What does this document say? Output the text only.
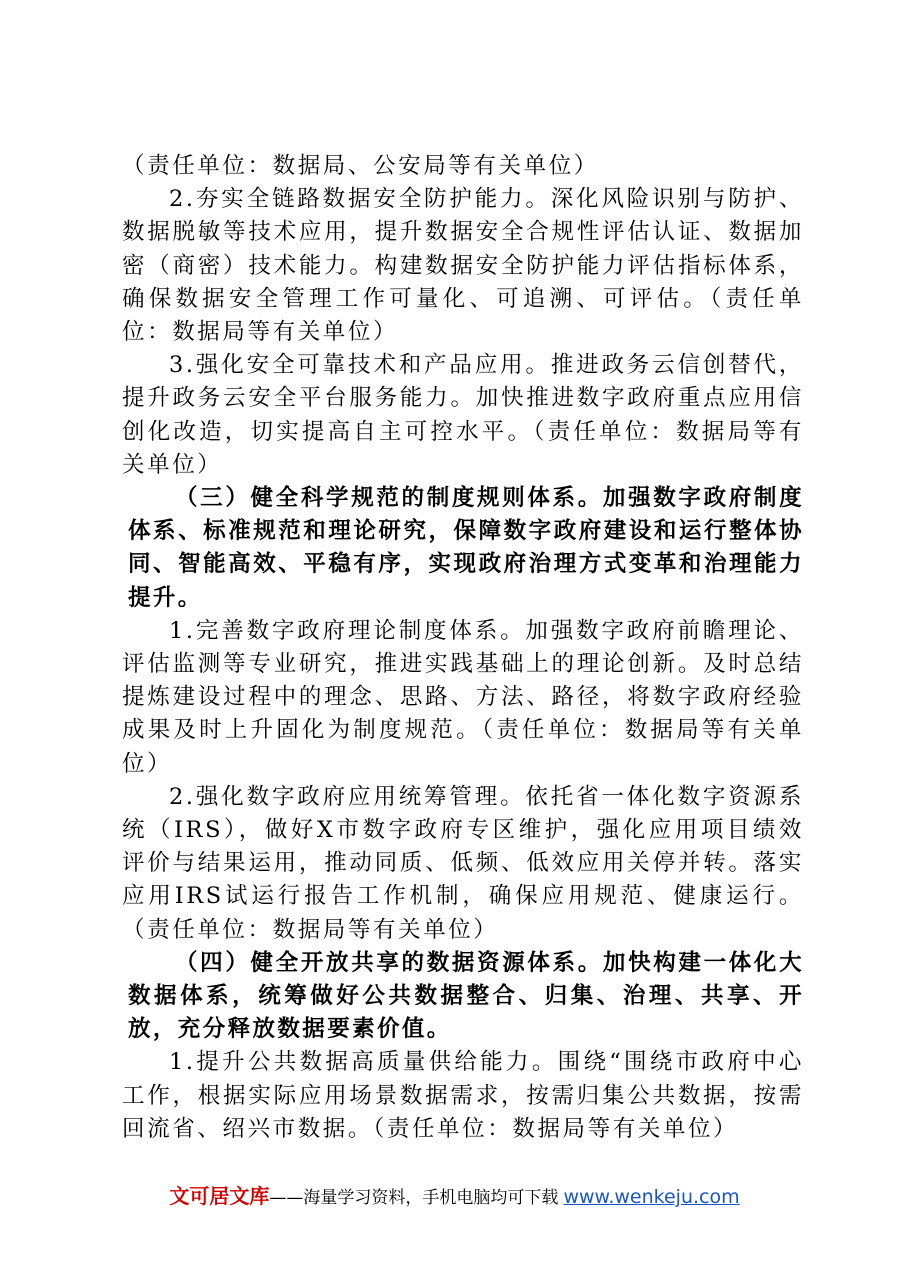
（责任单位：数据局、公安局等有关单位）

2.夯实全链路数据安全防护能力。深化风险识别与防护、数据脱敏等技术应用，提升数据安全合规性评估认证、数据加密（商密）技术能力。构建数据安全防护能力评估指标体系，确保数据安全管理工作可量化、可追溯、可评估。（责任单位：数据局等有关单位）

3.强化安全可靠技术和产品应用。推进政务云信创替代，提升政务云安全平台服务能力。加快推进数字政府重点应用信创化改造，切实提高自主可控水平。（责任单位：数据局等有关单位）

（三）健全科学规范的制度规则体系。加强数字政府制度体系、标准规范和理论研究，保障数字政府建设和运行整体协同、智能高效、平稳有序，实现政府治理方式变革和治理能力提升。

1.完善数字政府理论制度体系。加强数字政府前瞻理论、评估监测等专业研究，推进实践基础上的理论创新。及时总结提炼建设过程中的理念、思路、方法、路径，将数字政府经验成果及时上升固化为制度规范。（责任单位：数据局等有关单位）

2.强化数字政府应用统筹管理。依托省一体化数字资源系统（IRS），做好X市数字政府专区维护，强化应用项目绩效评价与结果运用，推动同质、低频、低效应用关停并转。落实应用IRS试运行报告工作机制，确保应用规范、健康运行。（责任单位：数据局等有关单位）

（四）健全开放共享的数据资源体系。加快构建一体化大数据体系，统筹做好公共数据整合、归集、治理、共享、开放，充分释放数据要素价值。

1.提升公共数据高质量供给能力。围绕“围绕市政府中心工作，根据实际应用场景数据需求，按需归集公共数据，按需回流省、绍兴市数据。（责任单位：数据局等有关单位）

文可居文库——海量学习资料，手机电脑均可下载 www.wenkeju.com
